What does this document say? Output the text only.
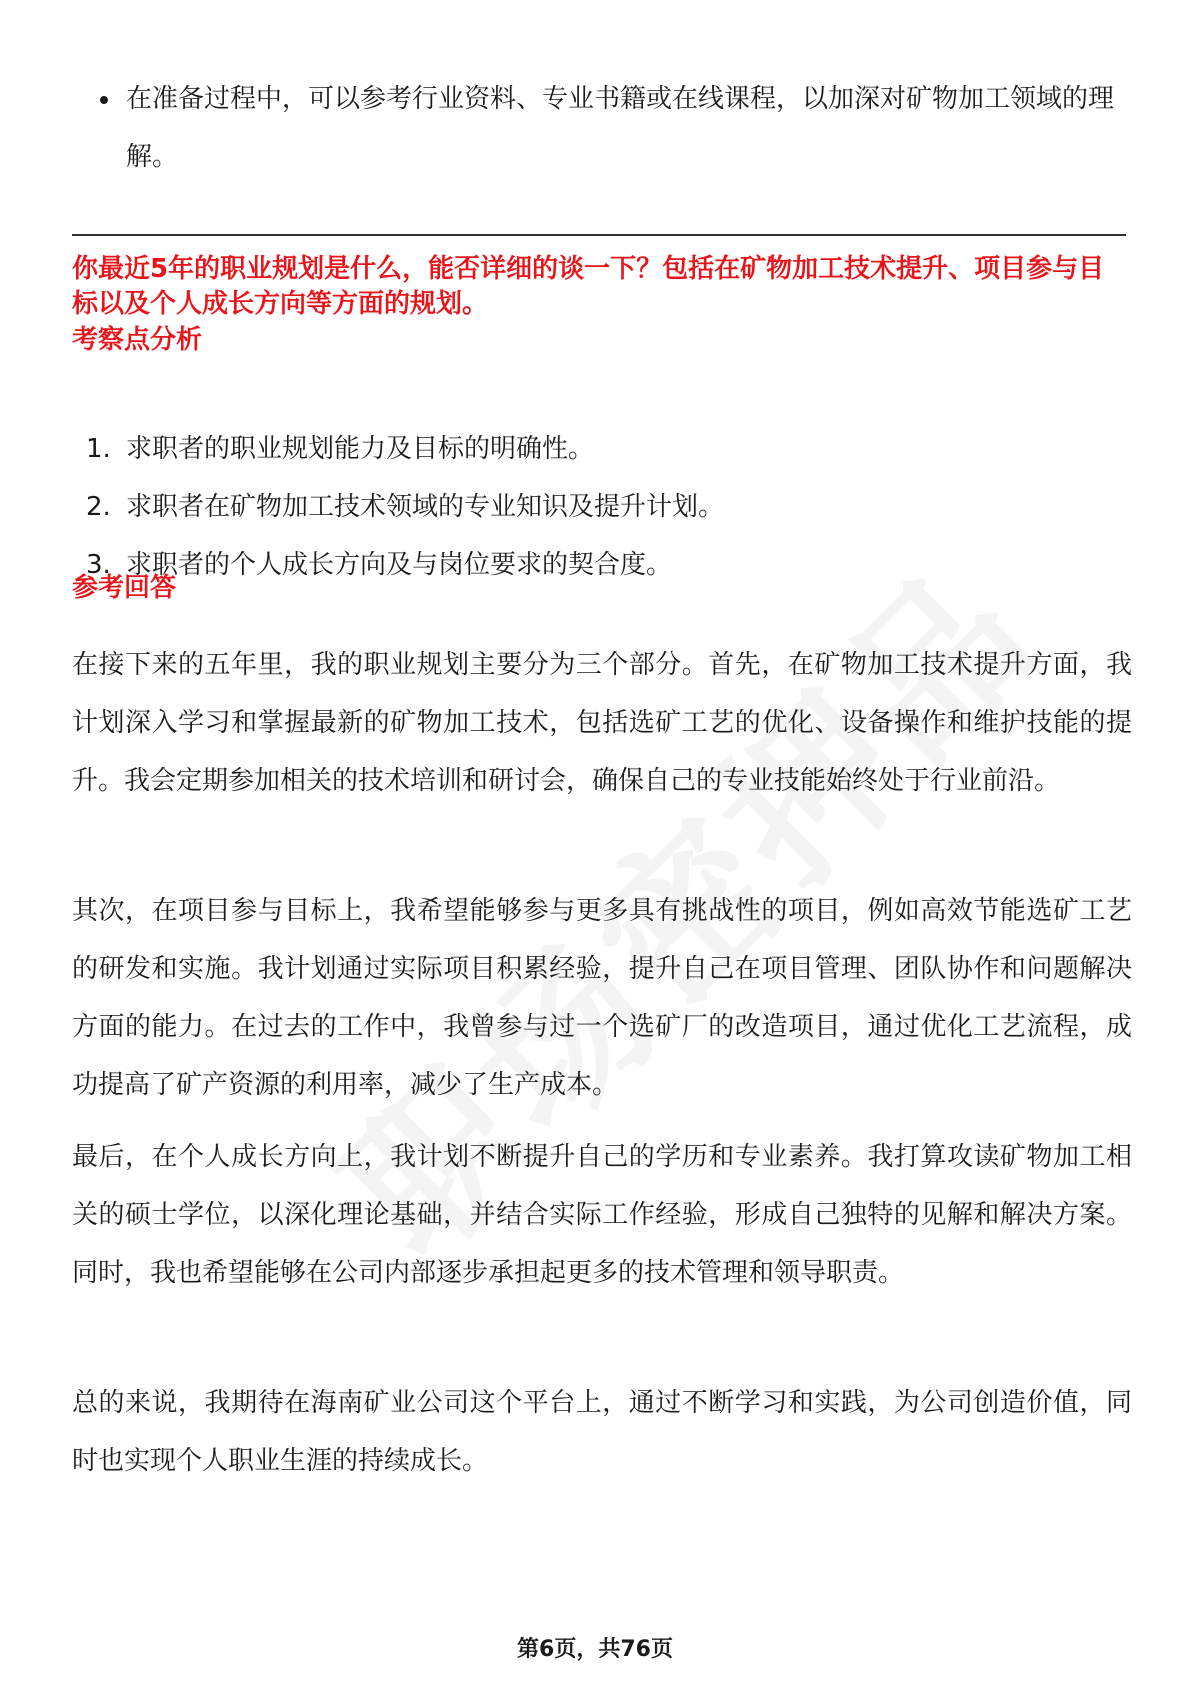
在准备过程中，可以参考行业资料、专业书籍或在线课程，以加深对矿物加工领域的理解。
你最近5年的职业规划是什么，能否详细的谈一下？包括在矿物加工技术提升、项目参与目标以及个人成长方向等方面的规划。
考察点分析
1. 求职者的职业规划能力及目标的明确性。
2. 求职者在矿物加工技术领域的专业知识及提升计划。
3. 求职者的个人成长方向及与岗位要求的契合度。
参考回答

在接下来的五年里，我的职业规划主要分为三个部分。首先，在矿物加工技术提升方面，我计划深入学习和掌握最新的矿物加工技术，包括选矿工艺的优化、设备操作和维护技能的提升。我会定期参加相关的技术培训和研讨会，确保自己的专业技能始终处于行业前沿。

其次，在项目参与目标上，我希望能够参与更多具有挑战性的项目，例如高效节能选矿工艺的研发和实施。我计划通过实际项目积累经验，提升自己在项目管理、团队协作和问题解决方面的能力。在过去的工作中，我曾参与过一个选矿厂的改造项目，通过优化工艺流程，成功提高了矿产资源的利用率，减少了生产成本。

最后，在个人成长方向上，我计划不断提升自己的学历和专业素养。我打算攻读矿物加工相关的硕士学位，以深化理论基础，并结合实际工作经验，形成自己独特的见解和解决方案。同时，我也希望能够在公司内部逐步承担起更多的技术管理和领导职责。

总的来说，我期待在海南矿业公司这个平台上，通过不断学习和实践，为公司创造价值，同时也实现个人职业生涯的持续成长。

第6页，共76页
